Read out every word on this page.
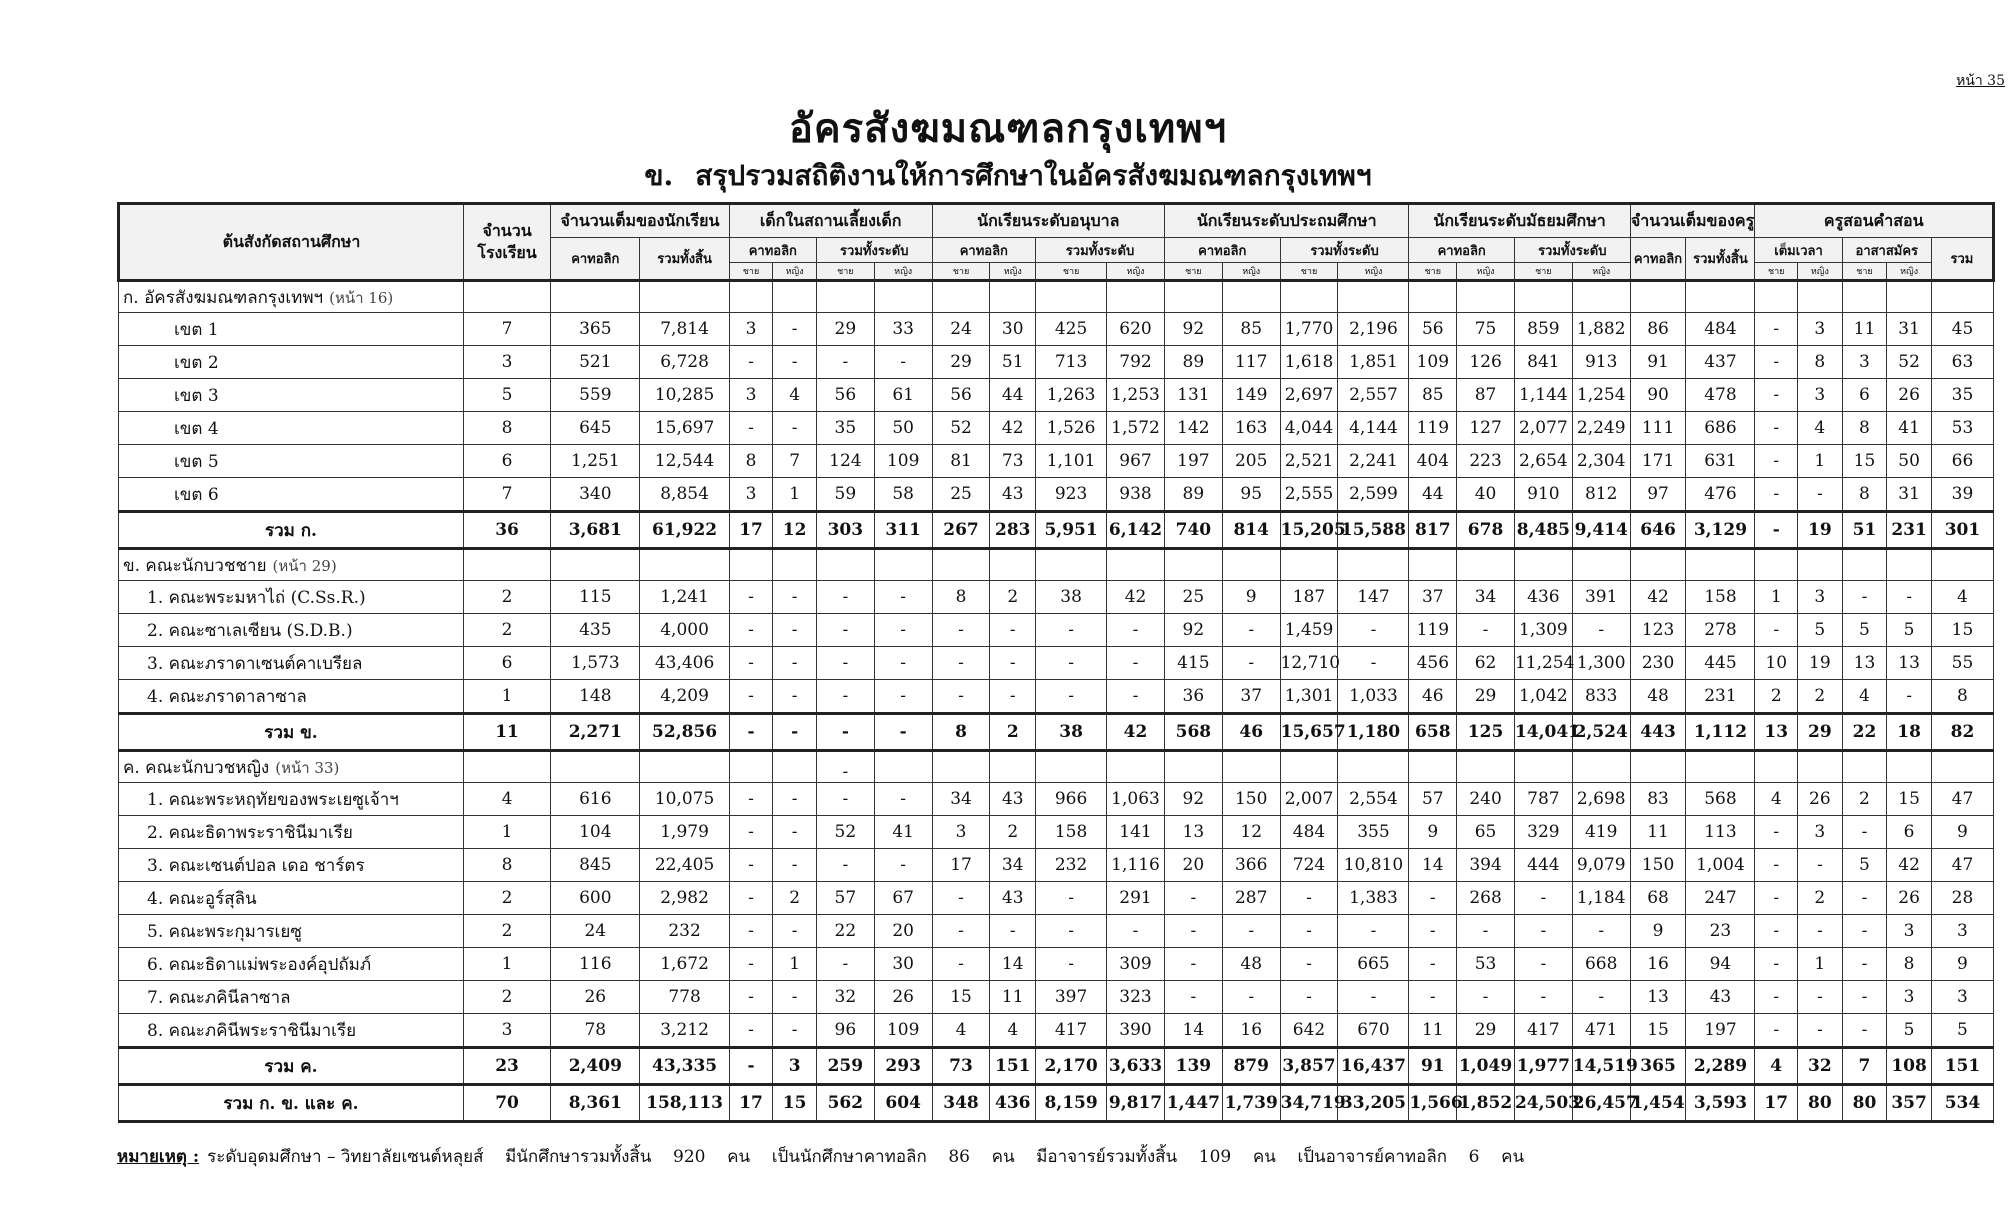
หน้า 35
อัครสังฆมณฑลกรุงเทพฯ
ข. สรุปรวมสถิติงานให้การศึกษาในอัครสังฆมณฑลกรุงเทพฯ
ต้นสังกัดสถานศึกษา	จำนวนโรงเรียน	จำนวนเต็มของนักเรียน		เด็กในสถานเลี้ยงเด็ก				นักเรียนระดับอนุบาล				นักเรียนระดับประถมศึกษา				นักเรียนระดับมัธยมศึกษา				จำนวนเต็มของครู		ครูสอนคำสอน				
		คาทอลิก	รวมทั้งสิ้น	คาทอลิก		รวมทั้งระดับ		คาทอลิก		รวมทั้งระดับ		คาทอลิก		รวมทั้งระดับ		คาทอลิก		รวมทั้งระดับ		คาทอลิก	รวมทั้งสิ้น	เต็มเวลา		อาสาสมัคร		รวม
				ชาย	หญิง	ชาย	หญิง	ชาย	หญิง	ชาย	หญิง	ชาย	หญิง	ชาย	หญิง	ชาย	หญิง	ชาย	หญิง			ชาย	หญิง	ชาย	หญิง	
ก. อัครสังฆมณฑลกรุงเทพฯ (หน้า 16)																										
เขต 1	7	365	7,814	3	-	29	33	24	30	425	620	92	85	1,770	2,196	56	75	859	1,882	86	484	-	3	11	31	45
เขต 2	3	521	6,728	-	-	-	-	29	51	713	792	89	117	1,618	1,851	109	126	841	913	91	437	-	8	3	52	63
เขต 3	5	559	10,285	3	4	56	61	56	44	1,263	1,253	131	149	2,697	2,557	85	87	1,144	1,254	90	478	-	3	6	26	35
เขต 4	8	645	15,697	-	-	35	50	52	42	1,526	1,572	142	163	4,044	4,144	119	127	2,077	2,249	111	686	-	4	8	41	53
เขต 5	6	1,251	12,544	8	7	124	109	81	73	1,101	967	197	205	2,521	2,241	404	223	2,654	2,304	171	631	-	1	15	50	66
เขต 6	7	340	8,854	3	1	59	58	25	43	923	938	89	95	2,555	2,599	44	40	910	812	97	476	-	-	8	31	39
รวม ก.	36	3,681	61,922	17	12	303	311	267	283	5,951	6,142	740	814	15,205	15,588	817	678	8,485	9,414	646	3,129	-	19	51	231	301
ข. คณะนักบวชชาย (หน้า 29)																										
1. คณะพระมหาไถ่ (C.Ss.R.)	2	115	1,241	-	-	-	-	8	2	38	42	25	9	187	147	37	34	436	391	42	158	1	3	-	-	4
2. คณะซาเลเซียน (S.D.B.)	2	435	4,000	-	-	-	-	-	-	-	-	92	-	1,459	-	119	-	1,309	-	123	278	-	5	5	5	15
3. คณะภราดาเซนต์คาเบรียล	6	1,573	43,406	-	-	-	-	-	-	-	-	415	-	12,710	-	456	62	11,254	1,300	230	445	10	19	13	13	55
4. คณะภราดาลาซาล	1	148	4,209	-	-	-	-	-	-	-	-	36	37	1,301	1,033	46	29	1,042	833	48	231	2	2	4	-	8
รวม ข.	11	2,271	52,856	-	-	-	-	8	2	38	42	568	46	15,657	1,180	658	125	14,041	2,524	443	1,112	13	29	22	18	82
ค. คณะนักบวชหญิง (หน้า 33)						-																				
1. คณะพระหฤทัยของพระเยซูเจ้าฯ	4	616	10,075	-	-	-	-	34	43	966	1,063	92	150	2,007	2,554	57	240	787	2,698	83	568	4	26	2	15	47
2. คณะธิดาพระราชินีมาเรีย	1	104	1,979	-	-	52	41	3	2	158	141	13	12	484	355	9	65	329	419	11	113	-	3	-	6	9
3. คณะเซนต์ปอล เดอ ชาร์ตร	8	845	22,405	-	-	-	-	17	34	232	1,116	20	366	724	10,810	14	394	444	9,079	150	1,004	-	-	5	42	47
4. คณะอูร์สุลิน	2	600	2,982	-	2	57	67	-	43	-	291	-	287	-	1,383	-	268	-	1,184	68	247	-	2	-	26	28
5. คณะพระกุมารเยซู	2	24	232	-	-	22	20	-	-	-	-	-	-	-	-	-	-	-	-	9	23	-	-	-	3	3
6. คณะธิดาแม่พระองค์อุปถัมภ์	1	116	1,672	-	1	-	30	-	14	-	309	-	48	-	665	-	53	-	668	16	94	-	1	-	8	9
7. คณะภคินีลาซาล	2	26	778	-	-	32	26	15	11	397	323	-	-	-	-	-	-	-	-	13	43	-	-	-	3	3
8. คณะภคินีพระราชินีมาเรีย	3	78	3,212	-	-	96	109	4	4	417	390	14	16	642	670	11	29	417	471	15	197	-	-	-	5	5
รวม ค.	23	2,409	43,335	-	3	259	293	73	151	2,170	3,633	139	879	3,857	16,437	91	1,049	1,977	14,519	365	2,289	4	32	7	108	151
รวม ก. ข. และ ค.	70	8,361	158,113	17	15	562	604	348	436	8,159	9,817	1,447	1,739	34,719	33,205	1,566	1,852	24,503	26,457	1,454	3,593	17	80	80	357	534
หมายเหตุ : ระดับอุดมศึกษา – วิทยาลัยเซนต์หลุยส์    มีนักศึกษารวมทั้งสิ้น    920    คน    เป็นนักศึกษาคาทอลิก    86    คน    มีอาจารย์รวมทั้งสิ้น    109    คน    เป็นอาจารย์คาทอลิก    6    คน
